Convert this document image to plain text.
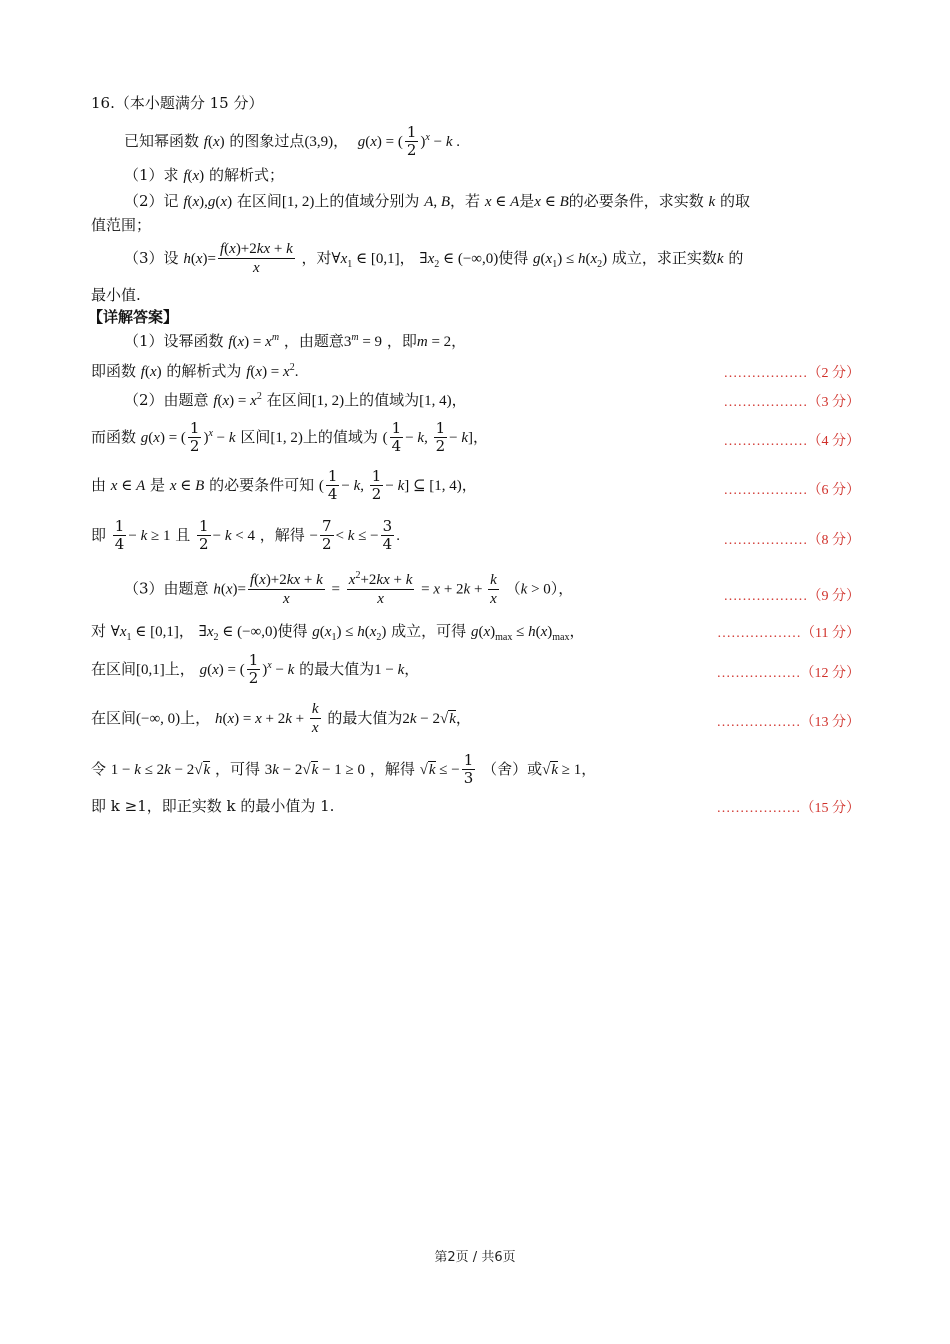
16.（本小题满分 15 分）
已知幂函数 f(x) 的图象过点(3,9)， g(x) = ( $\frac{1}{2} )^x - k$ .
（1）求 f(x) 的解析式；
（2）记 f(x),g(x) 在区间[1, 2)上的值域分别为 A, B，若 x ∈ A是x ∈ B的必要条件，求实数 k 的取
值范围；
（3）设 $h(x)= \frac{f(x)+2kx + k}{x}$ ，对$\forall x_1$ ∈ [0,1]， $\exists x_2$ ∈ (−∞,0)使得 $g(x_1) \le h(x_2)$ 成立，求正实数k 的
最小值.
【详解答案】
（1）设幂函数 $f(x) = x^m$ ，由题意$3^m = 9$ ，即m = 2，
即函数 f(x) 的解析式为 $f(x) = x^2$.	………………（2 分）
（2）由题意 $f(x) = x^2$ 在区间[1, 2)上的值域为[1, 4)，	………………（3 分）
而函数 g(x) = ( $\frac{1}{2} )^x - k$ 区间[1, 2)上的值域为 ( $\frac{1}{4} - k$, $\frac{1}{2} - k$]，	………………（4 分）
由 x ∈ A 是 x ∈ B 的必要条件可知 ( $\frac{1}{4} - k$, $\frac{1}{2} - k$] ⊆ [1, 4)，	………………（6 分）
即 $\frac{1}{4} - k \ge 1$ 且 $\frac{1}{2} - k < 4$ ，解得 − $\frac{7}{2} < k$ ≤ − $\frac{3}{4}$ .	………………（8 分）
（3）由题意 $h(x)= \frac{f(x)+2kx + k}{x} = \frac{x^2+2kx + k}{x} = x + 2k + \frac{k}{x} (k > 0)$，	………………（9 分）
对 $\forall x_1$ ∈ [0,1]， $\exists x_2$ ∈ (−∞,0)使得 $g(x_1) \le h(x_2)$ 成立，可得 $g(x)_{max} \le h(x)_{max}$，	………………（11 分）
在区间[0,1]上， g(x) = ( $\frac{1}{2} )^x - k$ 的最大值为1 − k，	………………（12 分）
在区间(−∞, 0)上， $h(x) = x + 2k + \frac{k}{x}$ 的最大值为2k − 2√k，	………………（13 分）
令 1 − k ≤ 2k − 2√k ，可得 3k − 2√k − 1 ≥ 0 ，解得 √k ≤ − $\frac{1}{3}$ （舍）或√k ≥ 1，
即 k ≥1，即正实数 k 的最小值为 1.	………………（15 分）
第2页 / 共6页
